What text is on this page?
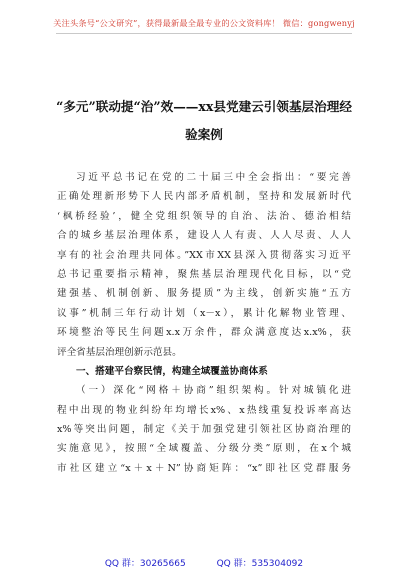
关注头条号“公文研究”，获得最新最全最专业的公文资料库！ 微信：gongwenyj
“多元”联动提“治”效——xx县党建云引领基层治理经
验案例
习近平总书记在党的二十届三中全会指出：“要完善
正确处理新形势下人民内部矛盾机制，坚持和发展新时代
‘枫桥经验’，健全党组织领导的自治、法治、德治相结
合的城乡基层治理体系，建设人人有责、人人尽责、人人
享有的社会治理共同体。”XX市XX县深入贯彻落实习近平
总书记重要指示精神，聚焦基层治理现代化目标，以“党
建强基、机制创新、服务提质”为主线，创新实施“五方
议事”机制三年行动计划（x－x），累计化解物业管理、
环境整治等民生问题x.x万余件，群众满意度达x.x%，获
评全省基层治理创新示范县。
一、搭建平台察民情，构建全域覆盖协商体系
（一）深化“网格＋协商”组织架构。针对城镇化进
程中出现的物业纠纷年均增长x%、x热线重复投诉率高达
x%等突出问题，制定《关于加强党建引领社区协商治理的
实施意见》，按照“全域覆盖、分级分类”原则，在x个城
市社区建立“x＋x＋N”协商矩阵：“x”即社区党群服务
QQ 群：30265665	QQ 群：535304092
